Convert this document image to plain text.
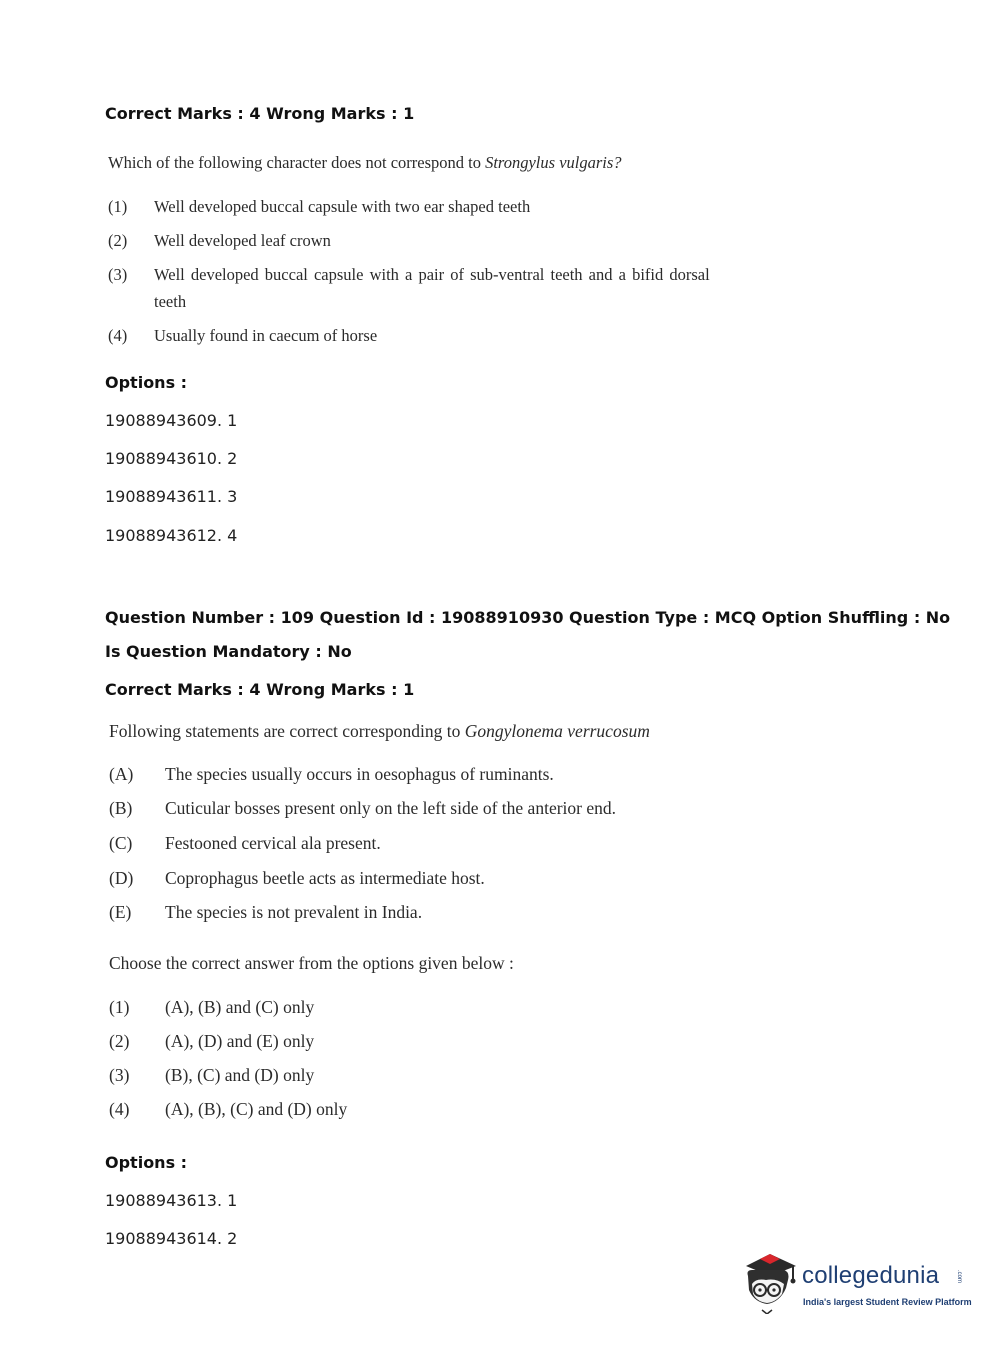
Correct Marks : 4 Wrong Marks : 1
Which of the following character does not correspond to Strongylus vulgaris?
(1) Well developed buccal capsule with two ear shaped teeth
(2) Well developed leaf crown
(3) Well developed buccal capsule with a pair of sub-ventral teeth and a bifid dorsal
teeth
(4) Usually found in caecum of horse
Options :
19088943609. 1
19088943610. 2
19088943611. 3
19088943612. 4
Question Number : 109 Question Id : 19088910930 Question Type : MCQ Option Shuffling : No
Is Question Mandatory : No
Correct Marks : 4 Wrong Marks : 1
Following statements are correct corresponding to Gongylonema verrucosum
(A) The species usually occurs in oesophagus of ruminants.
(B) Cuticular bosses present only on the left side of the anterior end.
(C) Festooned cervical ala present.
(D) Coprophagus beetle acts as intermediate host.
(E) The species is not prevalent in India.
Choose the correct answer from the options given below :
(1) (A), (B) and (C) only
(2) (A), (D) and (E) only
(3) (B), (C) and (D) only
(4) (A), (B), (C) and (D) only
Options :
19088943613. 1
19088943614. 2
collegedunia	.com
India's largest Student Review Platform
